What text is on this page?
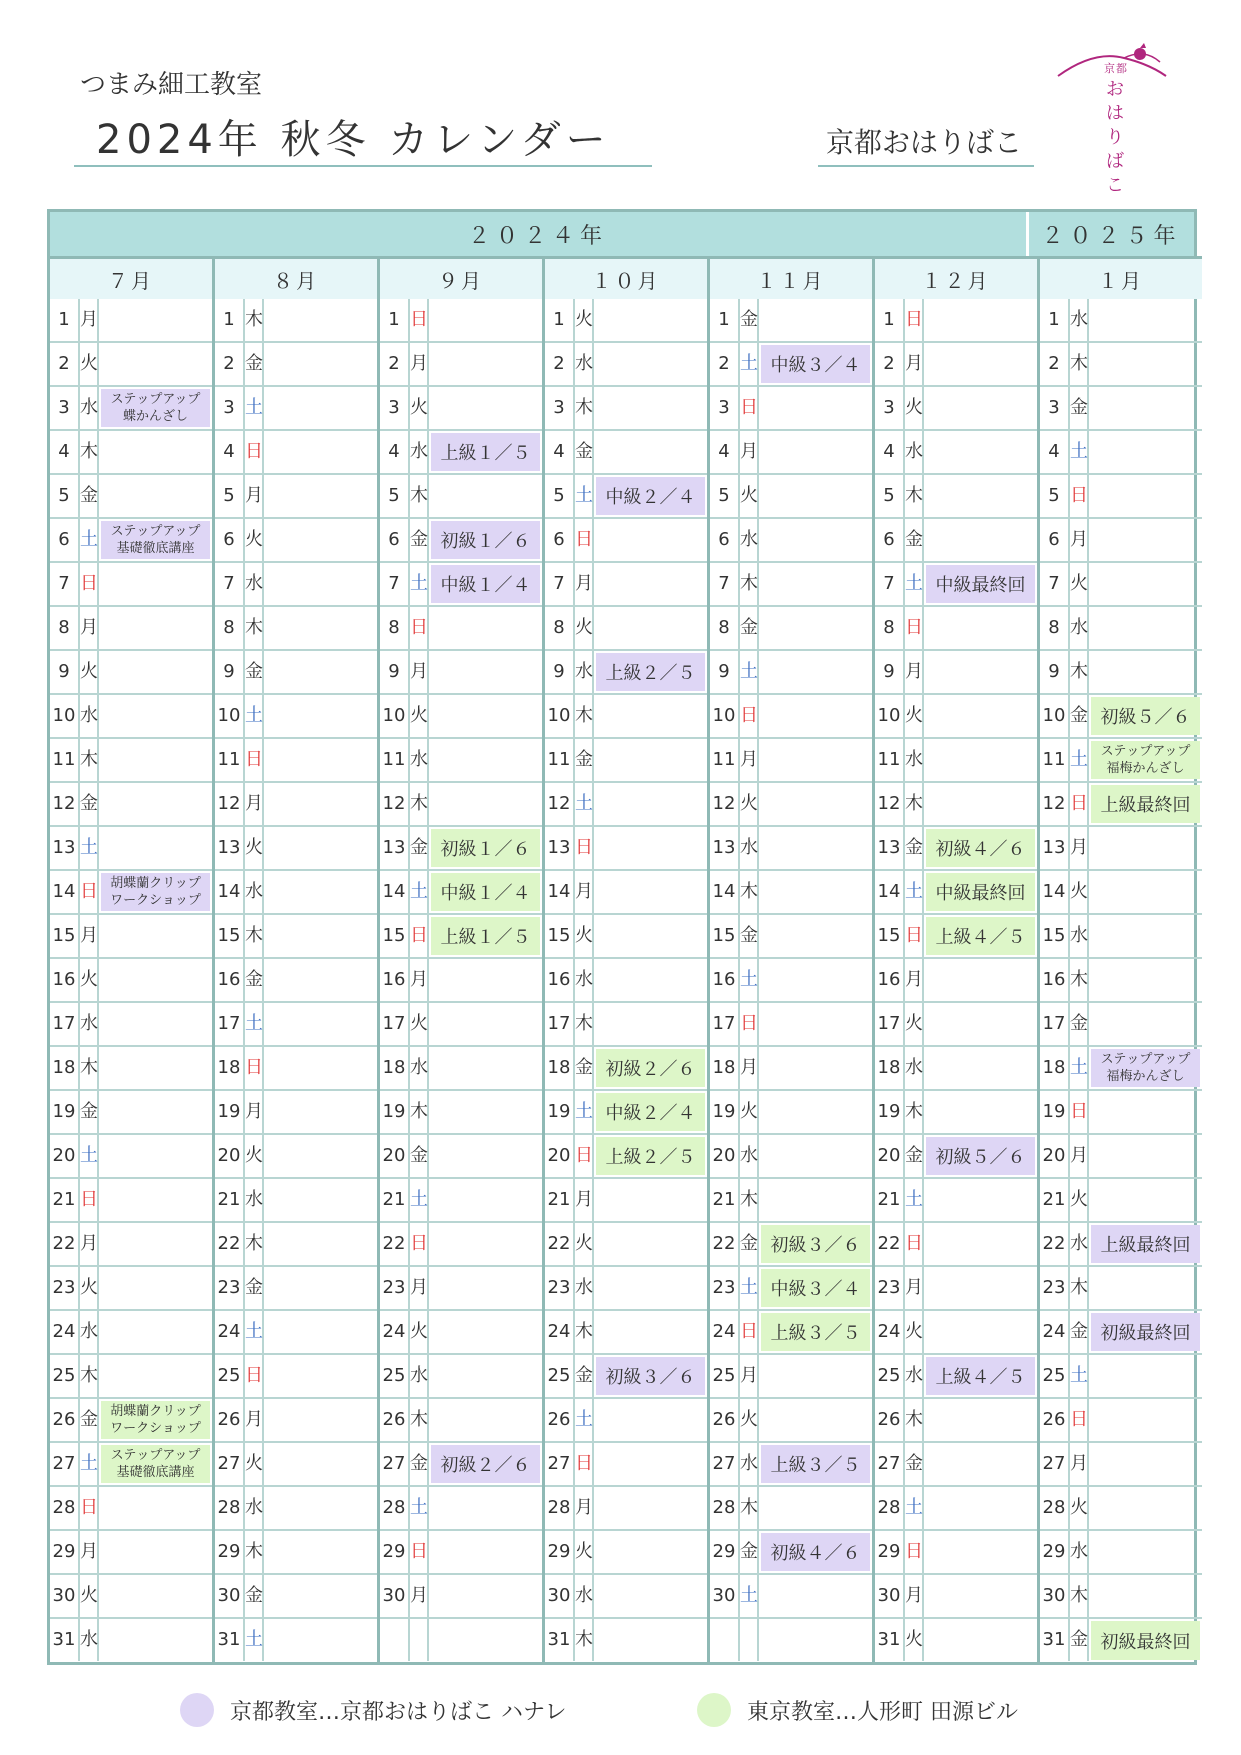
つまみ細工教室
2024年 秋冬 カレンダー	京都おはりばこ
京都
おはりばこ
２０２４年	２０２５年
７月
1 月
2 火
3 水 ステップアップ
蝶かんざし
4 木
5 金
6 土 ステップアップ
基礎徹底講座
7 日
8 月
9 火
10 水
11 木
12 金
13 土
14 日 胡蝶蘭クリップ
ワークショップ
15 月
16 火
17 水
18 木
19 金
20 土
21 日
22 月
23 火
24 水
25 木
26 金 胡蝶蘭クリップ
ワークショップ
27 土 ステップアップ
基礎徹底講座
28 日
29 月
30 火
31 水
８月
1 木
2 金
3 土
4 日
5 月
6 火
7 水
8 木
9 金
10 土
11 日
12 月
13 火
14 水
15 木
16 金
17 土
18 日
19 月
20 火
21 水
22 木
23 金
24 土
25 日
26 月
27 火
28 水
29 木
30 金
31 土
９月
1 日
2 月
3 火
4 水 上級１／５
5 木
6 金 初級１／６
7 土 中級１／４
8 日
9 月
10 火
11 水
12 木
13 金 初級１／６
14 土 中級１／４
15 日 上級１／５
16 月
17 火
18 水
19 木
20 金
21 土
22 日
23 月
24 火
25 水
26 木
27 金 初級２／６
28 土
29 日
30 月
１０月
1 火
2 水
3 木
4 金
5 土 中級２／４
6 日
7 月
8 火
9 水 上級２／５
10 木
11 金
12 土
13 日
14 月
15 火
16 水
17 木
18 金 初級２／６
19 土 中級２／４
20 日 上級２／５
21 月
22 火
23 水
24 木
25 金 初級３／６
26 土
27 日
28 月
29 火
30 水
31 木
１１月
1 金
2 土 中級３／４
3 日
4 月
5 火
6 水
7 木
8 金
9 土
10 日
11 月
12 火
13 水
14 木
15 金
16 土
17 日
18 月
19 火
20 水
21 木
22 金 初級３／６
23 土 中級３／４
24 日 上級３／５
25 月
26 火
27 水 上級３／５
28 木
29 金 初級４／６
30 土
１２月
1 日
2 月
3 火
4 水
5 木
6 金
7 土 中級最終回
8 日
9 月
10 火
11 水
12 木
13 金 初級４／６
14 土 中級最終回
15 日 上級４／５
16 月
17 火
18 水
19 木
20 金 初級５／６
21 土
22 日
23 月
24 火
25 水 上級４／５
26 木
27 金
28 土
29 日
30 月
31 火
１月
1 水
2 木
3 金
4 土
5 日
6 月
7 火
8 水
9 木
10 金 初級５／６
11 土 ステップアップ
福梅かんざし
12 日 上級最終回
13 月
14 火
15 水
16 木
17 金
18 土 ステップアップ
福梅かんざし
19 日
20 月
21 火
22 水 上級最終回
23 木
24 金 初級最終回
25 土
26 日
27 月
28 火
29 水
30 木
31 金 初級最終回
京都教室…京都おはりばこ ハナレ	東京教室…人形町 田源ビル
